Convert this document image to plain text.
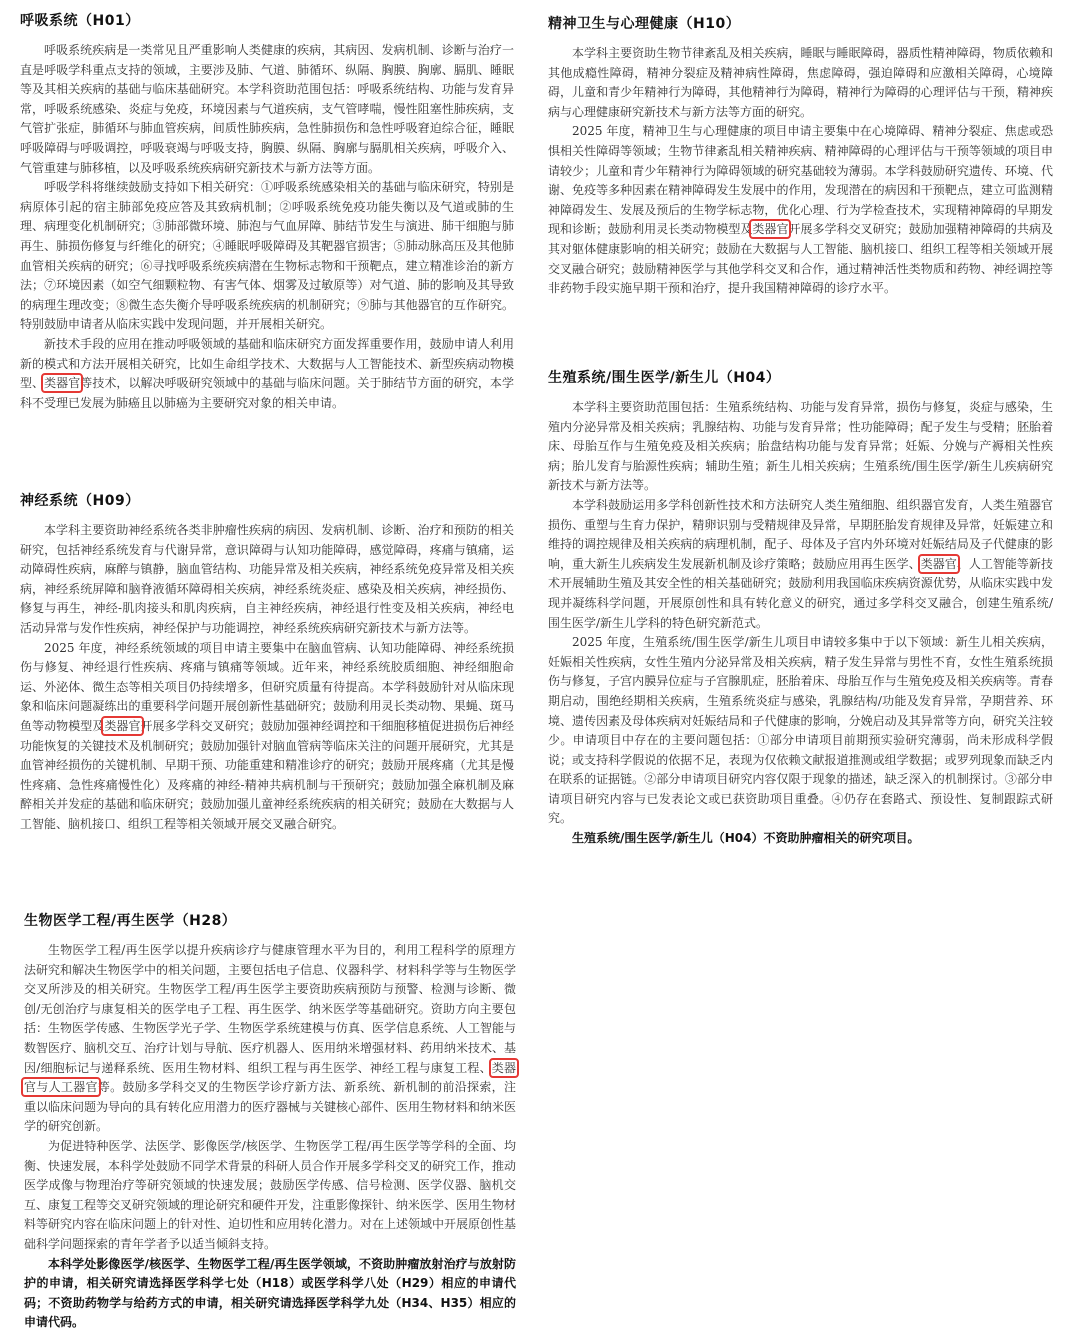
呼吸系统（H01）

呼吸系统疾病是一类常见且严重影响人类健康的疾病，其病因、发病机制、诊断与治疗一直是呼吸学科重点支持的领域，主要涉及肺、气道、肺循环、纵隔、胸膜、胸廓、膈肌、睡眠等及其相关疾病的基础与临床基础研究。本学科资助范围包括：呼吸系统结构、功能与发育异常，呼吸系统感染、炎症与免疫，环境因素与气道疾病，支气管哮喘，慢性阻塞性肺疾病，支气管扩张症，肺循环与肺血管疾病，间质性肺疾病，急性肺损伤和急性呼吸窘迫综合征，睡眠呼吸障碍与呼吸调控，呼吸衰竭与呼吸支持，胸膜、纵隔、胸廓与膈肌相关疾病，呼吸介入、气管重建与肺移植，以及呼吸系统疾病研究新技术与新方法等方面。

呼吸学科将继续鼓励支持如下相关研究：①呼吸系统感染相关的基础与临床研究，特别是病原体引起的宿主肺部免疫应答及其致病机制；②呼吸系统免疫功能失衡以及气道或肺的生理、病理变化机制研究；③肺部微环境、肺泡与气血屏障、肺结节发生与演进、肺干细胞与肺再生、肺损伤修复与纤维化的研究；④睡眠呼吸障碍及其靶器官损害；⑤肺动脉高压及其他肺血管相关疾病的研究；⑥寻找呼吸系统疾病潜在生物标志物和干预靶点，建立精准诊治的新方法；⑦环境因素（如空气细颗粒物、有害气体、烟雾及过敏原等）对气道、肺的影响及其导致的病理生理改变；⑧微生态失衡介导呼吸系统疾病的机制研究；⑨肺与其他器官的互作研究。特别鼓励申请者从临床实践中发现问题，并开展相关研究。

新技术手段的应用在推动呼吸领域的基础和临床研究方面发挥重要作用，鼓励申请人利用新的模式和方法开展相关研究，比如生命组学技术、大数据与人工智能技术、新型疾病动物模型、类器官等技术，以解决呼吸研究领域中的基础与临床问题。关于肺结节方面的研究，本学科不受理已发展为肺癌且以肺癌为主要研究对象的相关申请。

神经系统（H09）

本学科主要资助神经系统各类非肿瘤性疾病的病因、发病机制、诊断、治疗和预防的相关研究，包括神经系统发育与代谢异常，意识障碍与认知功能障碍，感觉障碍，疼痛与镇痛，运动障碍性疾病，麻醉与镇静，脑血管结构、功能异常及相关疾病，神经系统免疫异常及相关疾病，神经系统屏障和脑脊液循环障碍相关疾病，神经系统炎症、感染及相关疾病，神经损伤、修复与再生，神经-肌肉接头和肌肉疾病，自主神经疾病，神经退行性变及相关疾病，神经电活动异常与发作性疾病，神经保护与功能调控，神经系统疾病研究新技术与新方法等。

2025 年度，神经系统领域的项目申请主要集中在脑血管病、认知功能障碍、神经系统损伤与修复、神经退行性疾病、疼痛与镇痛等领域。近年来，神经系统胶质细胞、神经细胞命运、外泌体、微生态等相关项目仍持续增多，但研究质量有待提高。本学科鼓励针对从临床现象和临床问题凝练出的重要科学问题开展创新性基础研究；鼓励利用灵长类动物、果蝇、斑马鱼等动物模型及类器官开展多学科交叉研究；鼓励加强神经调控和干细胞移植促进损伤后神经功能恢复的关键技术及机制研究；鼓励加强针对脑血管病等临床关注的问题开展研究，尤其是血管神经损伤的关键机制、早期干预、功能重建和精准诊疗的研究；鼓励开展疼痛（尤其是慢性疼痛、急性疼痛慢性化）及疼痛的神经-精神共病机制与干预研究；鼓励加强全麻机制及麻醉相关并发症的基础和临床研究；鼓励加强儿童神经系统疾病的相关研究；鼓励在大数据与人工智能、脑机接口、组织工程等相关领域开展交叉融合研究。

生物医学工程/再生医学（H28）

生物医学工程/再生医学以提升疾病诊疗与健康管理水平为目的，利用工程科学的原理方法研究和解决生物医学中的相关问题，主要包括电子信息、仪器科学、材料科学等与生物医学交叉所涉及的相关研究。生物医学工程/再生医学主要资助疾病预防与预警、检测与诊断、微创/无创治疗与康复相关的医学电子工程、再生医学、纳米医学等基础研究。资助方向主要包括：生物医学传感、生物医学光子学、生物医学系统建模与仿真、医学信息系统、人工智能与数智医疗、脑机交互、治疗计划与导航、医疗机器人、医用纳米增强材料、药用纳米技术、基因/细胞标记与递释系统、医用生物材料、组织工程与再生医学、神经工程与康复工程、类器官与人工器官等。鼓励多学科交叉的生物医学诊疗新方法、新系统、新机制的前沿探索，注重以临床问题为导向的具有转化应用潜力的医疗器械与关键核心部件、医用生物材料和纳米医学的研究创新。

为促进特种医学、法医学、影像医学/核医学、生物医学工程/再生医学等学科的全面、均衡、快速发展，本科学处鼓励不同学术背景的科研人员合作开展多学科交叉的研究工作，推动医学成像与物理治疗等研究领域的快速发展；鼓励医学传感、信号检测、医学仪器、脑机交互、康复工程等交叉研究领域的理论研究和硬件开发，注重影像探针、纳米医学、医用生物材料等研究内容在临床问题上的针对性、迫切性和应用转化潜力。对在上述领域中开展原创性基础科学问题探索的青年学者予以适当倾斜支持。

本科学处影像医学/核医学、生物医学工程/再生医学领域，不资助肿瘤放射治疗与放射防护的申请，相关研究请选择医学科学七处（H18）或医学科学八处（H29）相应的申请代码；不资助药物学与给药方式的申请，相关研究请选择医学科学九处（H34、H35）相应的申请代码。

精神卫生与心理健康（H10）

本学科主要资助生物节律紊乱及相关疾病，睡眠与睡眠障碍，器质性精神障碍，物质依赖和其他成瘾性障碍，精神分裂症及精神病性障碍，焦虑障碍，强迫障碍和应激相关障碍，心境障碍，儿童和青少年精神行为障碍，其他精神行为障碍，精神行为障碍的心理评估与干预，精神疾病与心理健康研究新技术与新方法等方面的研究。

2025 年度，精神卫生与心理健康的项目申请主要集中在心境障碍、精神分裂症、焦虑或恐惧相关性障碍等领域；生物节律紊乱相关精神疾病、精神障碍的心理评估与干预等领域的项目申请较少；儿童和青少年精神行为障碍领域的研究基础较为薄弱。本学科鼓励研究遗传、环境、代谢、免疫等多种因素在精神障碍发生发展中的作用，发现潜在的病因和干预靶点，建立可监测精神障碍发生、发展及预后的生物学标志物，优化心理、行为学检查技术，实现精神障碍的早期发现和诊断；鼓励利用灵长类动物模型及类器官开展多学科交叉研究；鼓励加强精神障碍的共病及其对躯体健康影响的相关研究；鼓励在大数据与人工智能、脑机接口、组织工程等相关领域开展交叉融合研究；鼓励精神医学与其他学科交叉和合作，通过精神活性类物质和药物、神经调控等非药物手段实施早期干预和治疗，提升我国精神障碍的诊疗水平。

生殖系统/围生医学/新生儿（H04）

本学科主要资助范围包括：生殖系统结构、功能与发育异常，损伤与修复，炎症与感染，生殖内分泌异常及相关疾病；乳腺结构、功能与发育异常；性功能障碍；配子发生与受精；胚胎着床、母胎互作与生殖免疫及相关疾病；胎盘结构功能与发育异常；妊娠、分娩与产褥相关性疾病；胎儿发育与胎源性疾病；辅助生殖；新生儿相关疾病；生殖系统/围生医学/新生儿疾病研究新技术与新方法等。

本学科鼓励运用多学科创新性技术和方法研究人类生殖细胞、组织器官发育，人类生殖器官损伤、重塑与生育力保护，精卵识别与受精规律及异常，早期胚胎发育规律及异常，妊娠建立和维持的调控规律及相关疾病的病理机制，配子、母体及子宫内外环境对妊娠结局及子代健康的影响，重大新生儿疾病发生发展新机制及诊疗策略；鼓励应用再生医学、类器官、人工智能等新技术开展辅助生殖及其安全性的相关基础研究；鼓励利用我国临床疾病资源优势，从临床实践中发现并凝练科学问题，开展原创性和具有转化意义的研究，通过多学科交叉融合，创建生殖系统/围生医学/新生儿学科的特色研究新范式。

2025 年度，生殖系统/围生医学/新生儿项目申请较多集中于以下领域：新生儿相关疾病，妊娠相关性疾病，女性生殖内分泌异常及相关疾病，精子发生异常与男性不育，女性生殖系统损伤与修复，子宫内膜异位症与子宫腺肌症，胚胎着床、母胎互作与生殖免疫及相关疾病等。青春期启动，围绝经期相关疾病，生殖系统炎症与感染，乳腺结构/功能及发育异常，孕期营养、环境、遗传因素及母体疾病对妊娠结局和子代健康的影响，分娩启动及其异常等方向，研究关注较少。申请项目中存在的主要问题包括：①部分申请项目前期预实验研究薄弱，尚未形成科学假说；或支持科学假说的依据不足，表现为仅依赖文献报道推测或组学数据；或罗列现象而缺乏内在联系的证据链。②部分申请项目研究内容仅限于现象的描述，缺乏深入的机制探讨。③部分申请项目研究内容与已发表论文或已获资助项目重叠。④仍存在套路式、预设性、复制跟踪式研究。

生殖系统/围生医学/新生儿（H04）不资助肿瘤相关的研究项目。
